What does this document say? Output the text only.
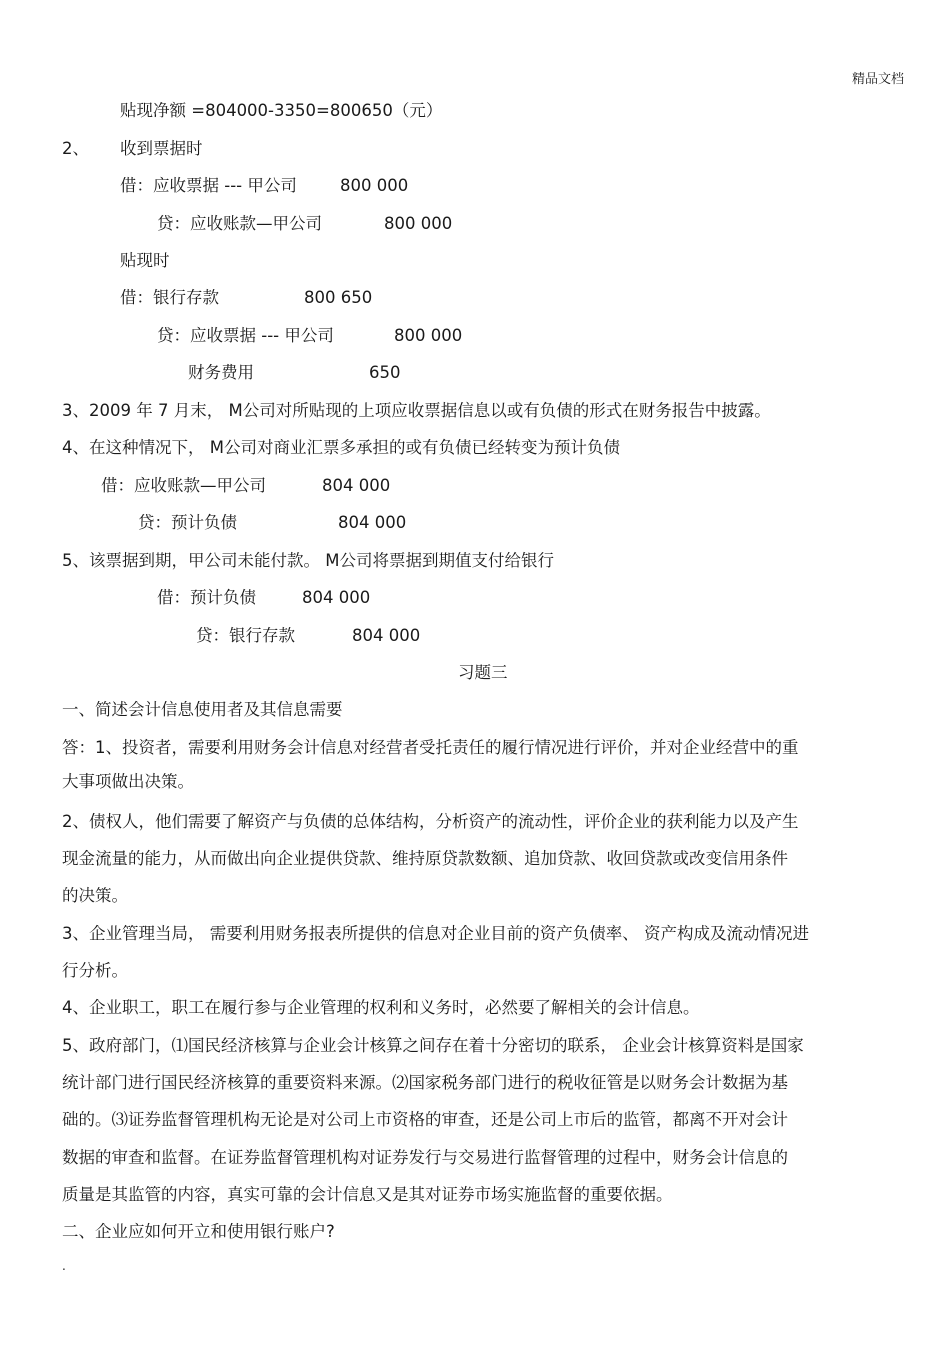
精品文档
贴现净额 =804000-3350=800650（元）
2、 收到票据时
借：应收票据 --- 甲公司	800 000
贷：应收账款—甲公司	800 000
贴现时
借：银行存款	800 650
贷：应收票据 --- 甲公司	800 000
财务费用	650
3、2009 年 7 月末， M公司对所贴现的上项应收票据信息以或有负债的形式在财务报告中披露。
4、在这种情况下， M公司对商业汇票多承担的或有负债已经转变为预计负债
借：应收账款—甲公司	804 000
贷：预计负债	804 000
5、该票据到期，甲公司未能付款。 M公司将票据到期值支付给银行
借：预计负债	804 000
贷：银行存款	804 000
习题三
一、简述会计信息使用者及其信息需要
答：1、投资者，需要利用财务会计信息对经营者受托责任的履行情况进行评价，并对企业经营中的重
大事项做出决策。
2、债权人，他们需要了解资产与负债的总体结构，分析资产的流动性，评价企业的获利能力以及产生
现金流量的能力，从而做出向企业提供贷款、维持原贷款数额、追加贷款、收回贷款或改变信用条件
的决策。
3、企业管理当局， 需要利用财务报表所提供的信息对企业目前的资产负债率、 资产构成及流动情况进
行分析。
4、企业职工，职工在履行参与企业管理的权利和义务时，必然要了解相关的会计信息。
5、政府部门，⑴国民经济核算与企业会计核算之间存在着十分密切的联系， 企业会计核算资料是国家
统计部门进行国民经济核算的重要资料来源。⑵国家税务部门进行的税收征管是以财务会计数据为基
础的。⑶证券监督管理机构无论是对公司上市资格的审查，还是公司上市后的监管，都离不开对会计
数据的审查和监督。在证券监督管理机构对证券发行与交易进行监督管理的过程中，财务会计信息的
质量是其监管的内容，真实可靠的会计信息又是其对证券市场实施监督的重要依据。
二、企业应如何开立和使用银行账户?
.
